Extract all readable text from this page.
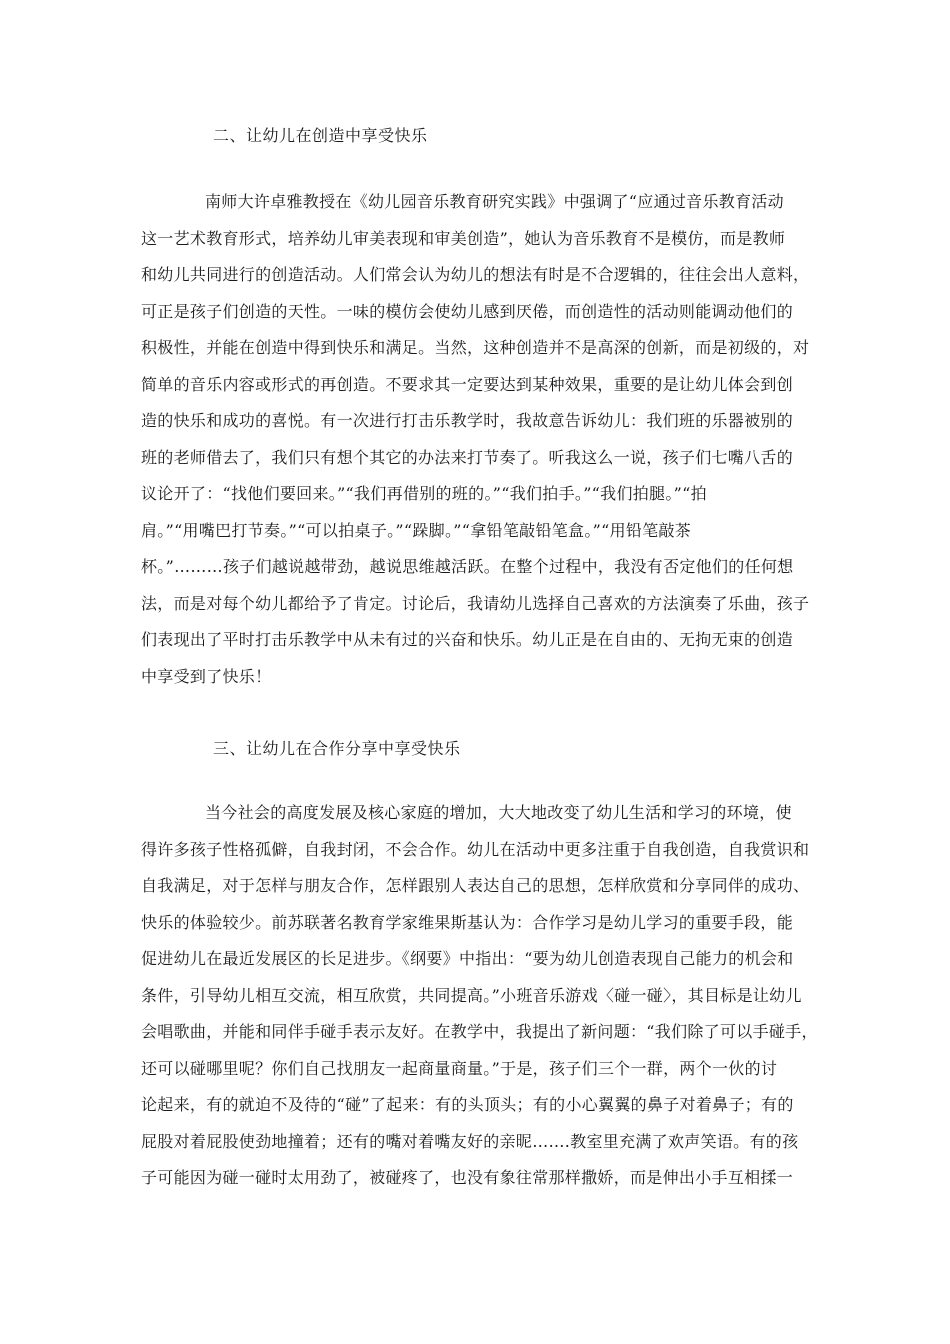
二、让幼儿在创造中享受快乐
南师大许卓雅教授在《幼儿园音乐教育研究实践》中强调了“应通过音乐教育活动
这一艺术教育形式，培养幼儿审美表现和审美创造”，她认为音乐教育不是模仿，而是教师
和幼儿共同进行的创造活动。人们常会认为幼儿的想法有时是不合逻辑的，往往会出人意料，
可正是孩子们创造的天性。一味的模仿会使幼儿感到厌倦，而创造性的活动则能调动他们的
积极性，并能在创造中得到快乐和满足。当然，这种创造并不是高深的创新，而是初级的，对
简单的音乐内容或形式的再创造。不要求其一定要达到某种效果，重要的是让幼儿体会到创
造的快乐和成功的喜悦。有一次进行打击乐教学时，我故意告诉幼儿：我们班的乐器被别的
班的老师借去了，我们只有想个其它的办法来打节奏了。听我这么一说，孩子们七嘴八舌的
议论开了：“找他们要回来。”“我们再借别的班的。”“我们拍手。”“我们拍腿。”“拍
肩。”“用嘴巴打节奏。”“可以拍桌子。”“跺脚。”“拿铅笔敲铅笔盒。”“用铅笔敲茶
杯。”………孩子们越说越带劲，越说思维越活跃。在整个过程中，我没有否定他们的任何想
法，而是对每个幼儿都给予了肯定。讨论后，我请幼儿选择自己喜欢的方法演奏了乐曲，孩子
们表现出了平时打击乐教学中从未有过的兴奋和快乐。幼儿正是在自由的、无拘无束的创造
中享受到了快乐！
三、让幼儿在合作分享中享受快乐
当今社会的高度发展及核心家庭的增加，大大地改变了幼儿生活和学习的环境，使
得许多孩子性格孤僻，自我封闭，不会合作。幼儿在活动中更多注重于自我创造，自我赏识和
自我满足，对于怎样与朋友合作，怎样跟别人表达自己的思想，怎样欣赏和分享同伴的成功、
快乐的体验较少。前苏联著名教育学家维果斯基认为：合作学习是幼儿学习的重要手段，能
促进幼儿在最近发展区的长足进步。《纲要》中指出：“要为幼儿创造表现自己能力的机会和
条件，引导幼儿相互交流，相互欣赏，共同提高。”小班音乐游戏〈碰一碰〉，其目标是让幼儿
会唱歌曲，并能和同伴手碰手表示友好。在教学中，我提出了新问题：“我们除了可以手碰手，
还可以碰哪里呢？你们自己找朋友一起商量商量。”于是，孩子们三个一群，两个一伙的讨
论起来，有的就迫不及待的“碰”了起来：有的头顶头；有的小心翼翼的鼻子对着鼻子；有的
屁股对着屁股使劲地撞着；还有的嘴对着嘴友好的亲昵…….教室里充满了欢声笑语。有的孩
子可能因为碰一碰时太用劲了，被碰疼了，也没有象往常那样撒娇，而是伸出小手互相揉一
